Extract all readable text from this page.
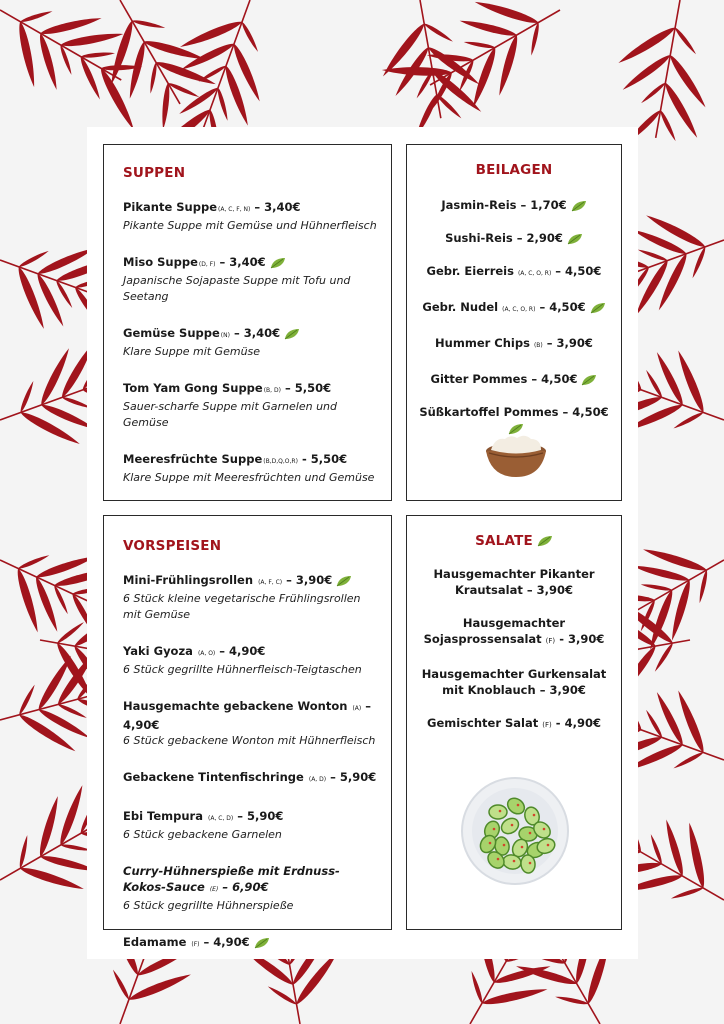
SUPPEN
Pikante Suppe(A, C, F, N) – 3,40€
Pikante Suppe mit Gemüse und Hühnerfleisch
Miso Suppe(D, F) – 3,40€
Japanische Sojapaste Suppe mit Tofu und Seetang
Gemüse Suppe(N) – 3,40€
Klare Suppe mit Gemüse
Tom Yam Gong Suppe(B, D) – 5,50€
Sauer-scharfe Suppe mit Garnelen und Gemüse
Meeresfrüchte Suppe(B,D,Q,O,R) - 5,50€
Klare Suppe mit Meeresfrüchten und Gemüse
BEILAGEN
Jasmin-Reis – 1,70€
Sushi-Reis – 2,90€
Gebr. Eierreis (A, C, O, R) – 4,50€
Gebr. Nudel (A, C, O, R) – 4,50€
Hummer Chips (B) – 3,90€
Gitter Pommes – 4,50€
Süßkartoffel Pommes – 4,50€
VORSPEISEN
Mini-Frühlingsrollen (A, F, C) – 3,90€
6 Stück kleine vegetarische Frühlingsrollen mit Gemüse
Yaki Gyoza (A, O) – 4,90€
6 Stück gegrillte Hühnerfleisch-Teigtaschen
Hausgemachte gebackene Wonton (A) – 4,90€
6 Stück gebackene Wonton mit Hühnerfleisch
Gebackene Tintenfischringe (A, D) – 5,90€
Ebi Tempura (A, C, D) – 5,90€
6 Stück gebackene Garnelen
Curry-Hühnerspieße mit Erdnuss-Kokos-Sauce (E) – 6,90€
6 Stück gegrillte Hühnerspieße
Edamame (F) – 4,90€
SALATE
Hausgemachter Pikanter
Krautsalat – 3,90€
Hausgemachter
Sojasprossensalat (F) - 3,90€
Hausgemachter Gurkensalat
mit Knoblauch – 3,90€
Gemischter Salat (F) - 4,90€
